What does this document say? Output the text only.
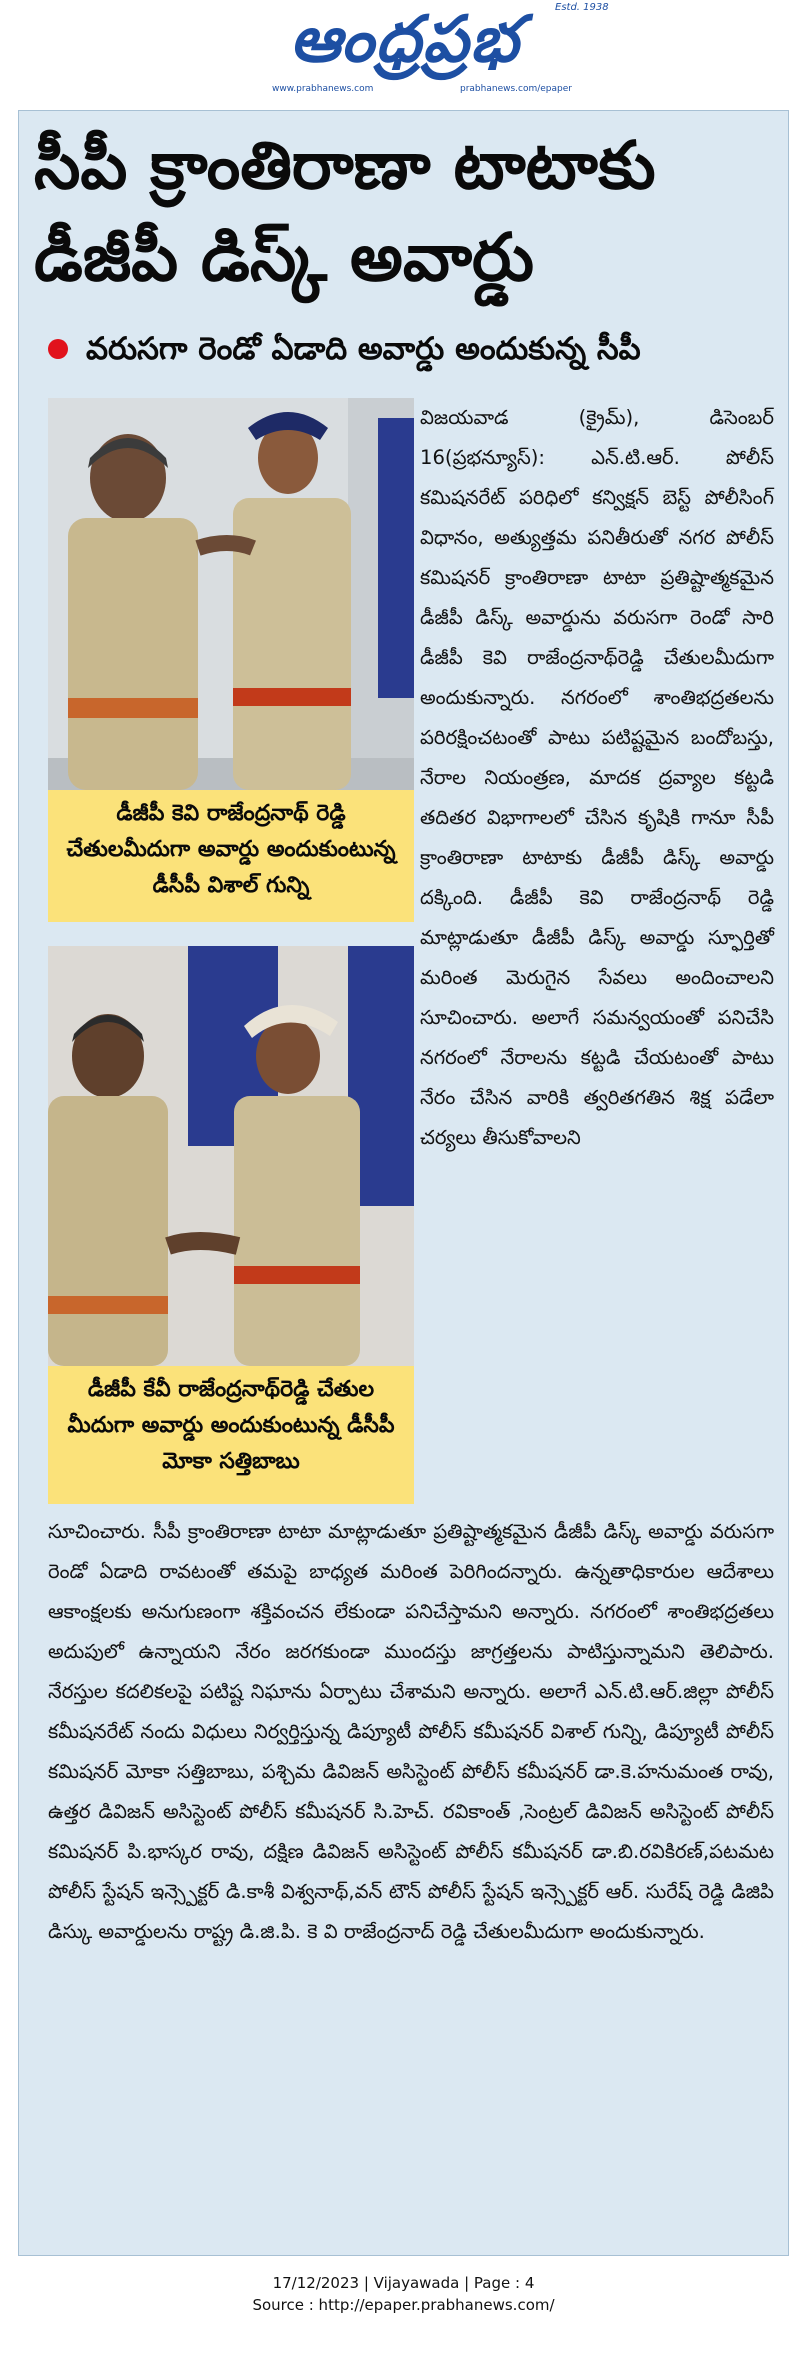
ఆంధ్రప్రభ	Estd. 1938
www.prabhanews.com	prabhanews.com/epaper
సీపీ క్రాంతిరాణా టాటాకు
డీజీపీ డిస్క్ అవార్డు
వరుసగా రెండో ఏడాది అవార్డు అందుకున్న సీపీ
డీజీపీ కెవి రాజేంద్రనాథ్ రెడ్డి చేతులమీదుగా అవార్డు అందుకుంటున్న డీసీపీ విశాల్ గున్ని
డీజీపీ కేవీ రాజేంద్రనాథ్‌రెడ్డి చేతుల మీదుగా అవార్డు అందుకుంటున్న డీసీపీ మోకా సత్తిబాబు
విజయవాడ (క్రైమ్), డిసెంబర్ 16(ప్రభన్యూస్): ఎన్.టి.ఆర్. పోలీస్ కమిషనరేట్ పరిధిలో కన్విక్షన్ బెస్ట్ పోలీసింగ్ విధానం, అత్యుత్తమ పనితీరుతో నగర పోలీస్ కమిషనర్ క్రాంతిరాణా టాటా ప్రతిష్టాత్మకమైన డీజీపీ డిస్క్ అవార్డును వరుసగా రెండో సారి డీజీపీ కెవి రాజేంద్రనాథ్‌రెడ్డి చేతులమీదుగా అందుకున్నారు. నగరంలో శాంతిభద్రతలను పరిరక్షించటంతో పాటు పటిష్టమైన బందోబస్తు, నేరాల నియంత్రణ, మాదక ద్రవ్యాల కట్టడి తదితర విభాగాలలో చేసిన కృషికి గానూ సీపీ క్రాంతిరాణా టాటాకు డీజీపీ డిస్క్ అవార్డు దక్కింది. డీజీపీ కెవి రాజేంద్రనాథ్ రెడ్డి మాట్లాడుతూ డీజీపీ డిస్క్ అవార్డు స్ఫూర్తితో మరింత మెరుగైన సేవలు అందించాలని సూచించారు. అలాగే సమన్వయంతో పనిచేసి నగరంలో నేరాలను కట్టడి చేయటంతో పాటు నేరం చేసిన వారికి త్వరితగతిన శిక్ష పడేలా చర్యలు తీసుకోవాలని
సూచించారు. సీపీ క్రాంతిరాణా టాటా మాట్లాడుతూ ప్రతిష్టాత్మకమైన డీజీపీ డిస్క్ అవార్డు వరుసగా రెండో ఏడాది రావటంతో తమపై బాధ్యత మరింత పెరిగిందన్నారు. ఉన్నతాధికారుల ఆదేశాలు ఆకాంక్షలకు అనుగుణంగా శక్తివంచన లేకుండా పనిచేస్తామని అన్నారు. నగరంలో శాంతిభద్రతలు అదుపులో ఉన్నాయని నేరం జరగకుండా ముందస్తు జాగ్రత్తలను పాటిస్తున్నామని తెలిపారు. నేరస్తుల కదలికలపై పటిష్ట నిఘాను ఏర్పాటు చేశామని అన్నారు. అలాగే ఎన్.టి.ఆర్.జిల్లా పోలీస్ కమీషనరేట్ నందు విధులు నిర్వర్తిస్తున్న డిప్యూటీ పోలీస్ కమీషనర్ విశాల్ గున్ని, డిప్యూటీ పోలీస్ కమిషనర్ మోకా సత్తిబాబు, పశ్చిమ డివిజన్ అసిస్టెంట్ పోలీస్ కమీషనర్ డా.కె.హనుమంత రావు, ఉత్తర డివిజన్ అసిస్టెంట్ పోలీస్ కమీషనర్ సి.హెచ్. రవికాంత్ ,సెంట్రల్ డివిజన్ అసిస్టెంట్ పోలీస్ కమిషనర్ పి.భాస్కర రావు, దక్షిణ డివిజన్ అసిస్టెంట్ పోలీస్ కమీషనర్ డా.బి.రవికిరణ్,పటమట పోలీస్ స్టేషన్ ఇన్స్పెక్టర్ డి.కాశీ విశ్వనాథ్,వన్ టౌన్ పోలీస్ స్టేషన్ ఇన్స్పెక్టర్ ఆర్. సురేష్ రెడ్డి డిజిపి డిస్కు అవార్డులను రాష్ట్ర డి.జి.పి. కె వి రాజేంద్రనాద్ రెడ్డి చేతులమీదుగా అందుకున్నారు.
17/12/2023 | Vijayawada | Page : 4
Source : http://epaper.prabhanews.com/
